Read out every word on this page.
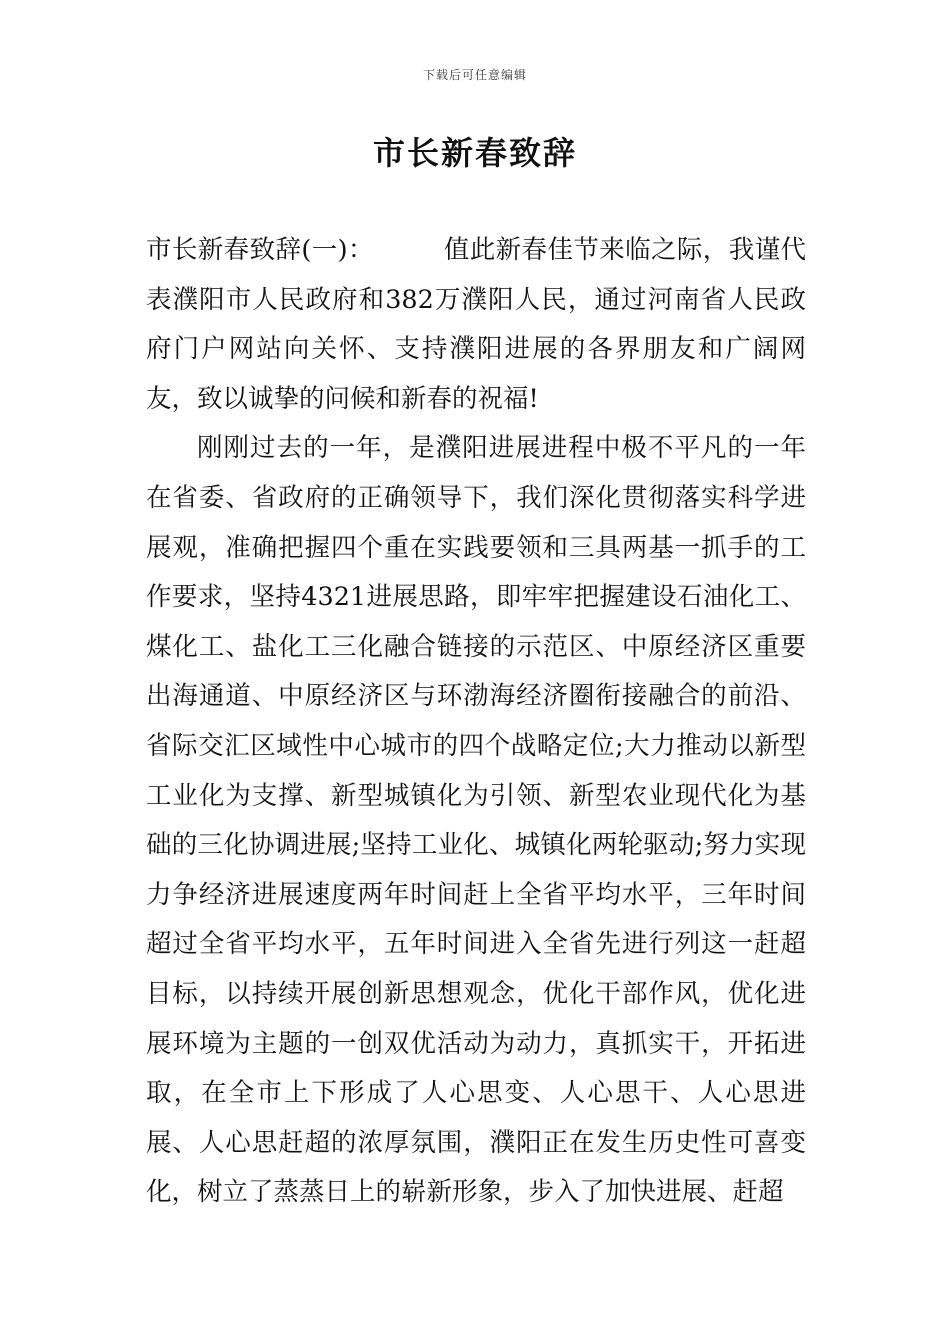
下载后可任意编辑
市长新春致辞

市长新春致辞(一)：	值此新春佳节来临之际，我谨代表濮阳市人民政府和382万濮阳人民，通过河南省人民政府门户网站向关怀、支持濮阳进展的各界朋友和广阔网友，致以诚挚的问候和新春的祝福!

刚刚过去的一年，是濮阳进展进程中极不平凡的一年在省委、省政府的正确领导下，我们深化贯彻落实科学进展观，准确把握四个重在实践要领和三具两基一抓手的工作要求，坚持4321进展思路，即牢牢把握建设石油化工、煤化工、盐化工三化融合链接的示范区、中原经济区重要出海通道、中原经济区与环渤海经济圈衔接融合的前沿、省际交汇区域性中心城市的四个战略定位;大力推动以新型工业化为支撑、新型城镇化为引领、新型农业现代化为基础的三化协调进展;坚持工业化、城镇化两轮驱动;努力实现力争经济进展速度两年时间赶上全省平均水平，三年时间超过全省平均水平，五年时间进入全省先进行列这一赶超目标，以持续开展创新思想观念，优化干部作风，优化进展环境为主题的一创双优活动为动力，真抓实干，开拓进取，在全市上下形成了人心思变、人心思干、人心思进展、人心思赶超的浓厚氛围，濮阳正在发生历史性可喜变化，树立了蒸蒸日上的崭新形象，步入了加快进展、赶超
